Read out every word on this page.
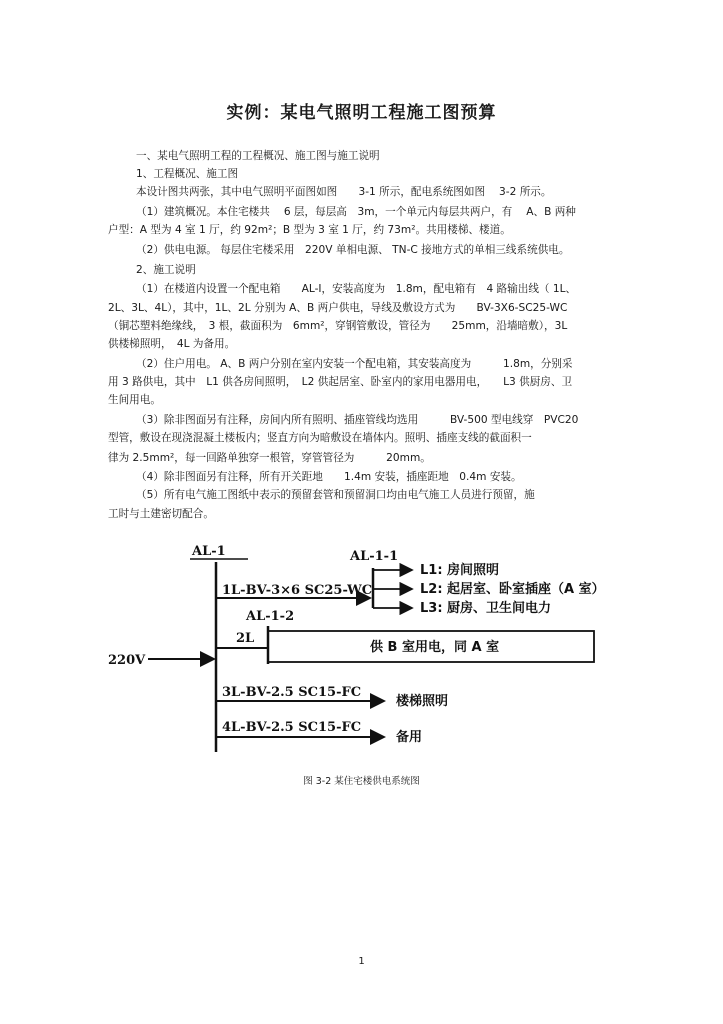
实例：某电气照明工程施工图预算
一、某电气照明工程的工程概况、施工图与施工说明
1、工程概况、施工图
本设计图共两张，其中电气照明平面图如图　　3-1 所示，配电系统图如图　 3-2 所示。
（1）建筑概况。本住宅楼共　 6 层，每层高　3m，一个单元内每层共两户，有　 A、B 两种
户型：A 型为 4 室 1 厅，约 92m²；B 型为 3 室 1 厅，约 73m²。共用楼梯、楼道。
（2）供电电源。 每层住宅楼采用　220V 单相电源、 TN-C 接地方式的单相三线系统供电。
2、施工说明
（1）在楼道内设置一个配电箱　　AL-I，安装高度为　1.8m，配电箱有　4 路输出线（ 1L、
2L、3L、4L），其中，1L、2L 分别为 A、B 两户供电，导线及敷设方式为　　BV-3X6-SC25-WC
（铜芯塑料绝缘线，　3 根，截面积为　6mm²，穿钢管敷设，管径为　　25mm，沿墙暗敷），3L
供楼梯照明，　4L 为备用。
（2）住户用电。 A、B 两户分别在室内安装一个配电箱，其安装高度为　　　1.8m，分别采
用 3 路供电，其中　L1 供各房间照明，　L2 供起居室、卧室内的家用电器用电，　　L3 供厨房、卫
生间用电。
（3）除非图面另有注释，房间内所有照明、插座管线均选用　　　BV-500 型电线穿　PVC20
型管，敷设在现浇混凝土楼板内；竖直方向为暗敷设在墙体内。照明、插座支线的截面积一
律为 2.5mm²，每一回路单独穿一根管，穿管管径为　　　20mm。
（4）除非图面另有注释，所有开关距地　　1.4m 安装，插座距地　0.4m 安装。
（5）所有电气施工图纸中表示的预留套管和预留洞口均由电气施工人员进行预留，施
工时与土建密切配合。
AL-1
220V
1L-BV-3×6 SC25-WC
AL-1-1
L1: 房间照明
L2: 起居室、卧室插座（A 室）
L3: 厨房、卫生间电力
AL-1-2
2L
供 B 室用电，同 A 室
3L-BV-2.5 SC15-FC
楼梯照明
4L-BV-2.5 SC15-FC
备用
图 3-2 某住宅楼供电系统图
1
